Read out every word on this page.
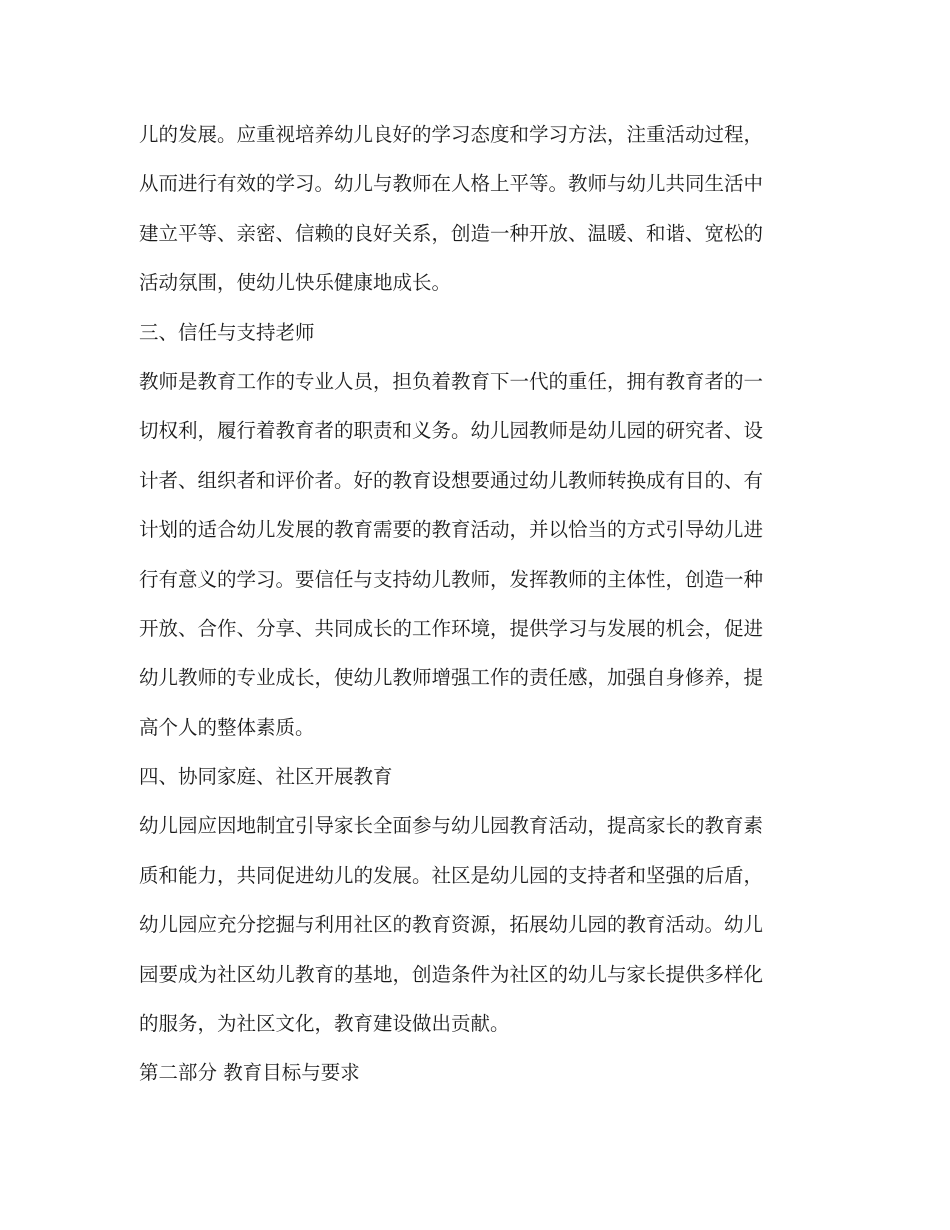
儿的发展。应重视培养幼儿良好的学习态度和学习方法，注重活动过程，
从而进行有效的学习。幼儿与教师在人格上平等。教师与幼儿共同生活中
建立平等、亲密、信赖的良好关系，创造一种开放、温暖、和谐、宽松的
活动氛围，使幼儿快乐健康地成长。
三、信任与支持老师
教师是教育工作的专业人员，担负着教育下一代的重任，拥有教育者的一
切权利，履行着教育者的职责和义务。幼儿园教师是幼儿园的研究者、设
计者、组织者和评价者。好的教育设想要通过幼儿教师转换成有目的、有
计划的适合幼儿发展的教育需要的教育活动，并以恰当的方式引导幼儿进
行有意义的学习。要信任与支持幼儿教师，发挥教师的主体性，创造一种
开放、合作、分享、共同成长的工作环境，提供学习与发展的机会，促进
幼儿教师的专业成长，使幼儿教师增强工作的责任感，加强自身修养，提
高个人的整体素质。
四、协同家庭、社区开展教育
幼儿园应因地制宜引导家长全面参与幼儿园教育活动，提高家长的教育素
质和能力，共同促进幼儿的发展。社区是幼儿园的支持者和坚强的后盾，
幼儿园应充分挖掘与利用社区的教育资源，拓展幼儿园的教育活动。幼儿
园要成为社区幼儿教育的基地，创造条件为社区的幼儿与家长提供多样化
的服务，为社区文化，教育建设做出贡献。
第二部分 教育目标与要求
